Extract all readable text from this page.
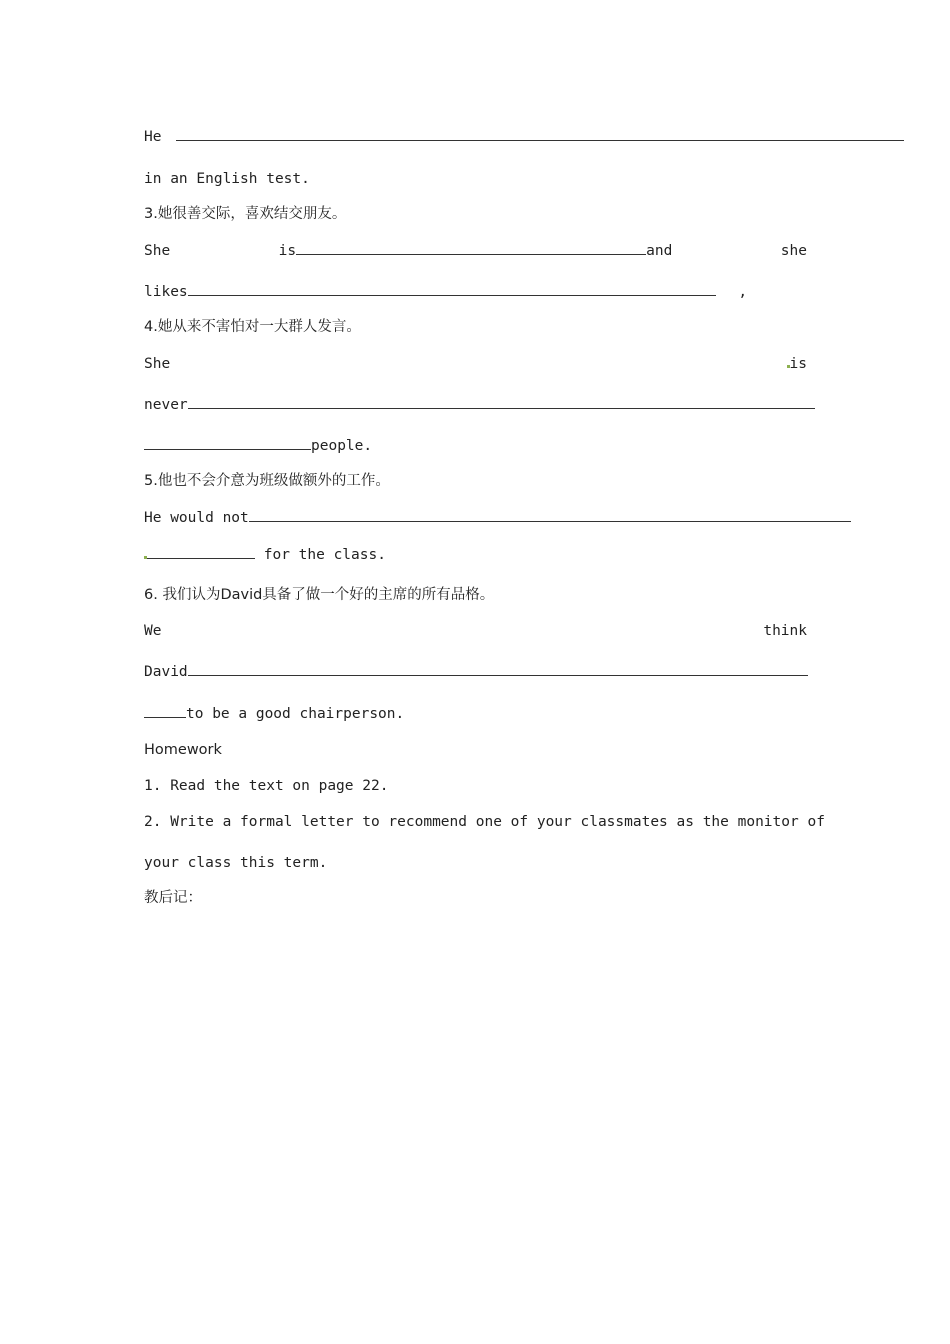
He
in an English test.
3.她很善交际，喜欢结交朋友。
She	is	and	she
likes	,
4.她从来不害怕对一大群人发言。
She	is
never
people.
5.他也不会介意为班级做额外的工作。
He would not
for the class.
6. 我们认为David具备了做一个好的主席的所有品格。
We	think
David
to be a good chairperson.
Homework
1. Read the text on page 22.
2. Write a formal letter to recommend one of your classmates as the monitor of
your class this term.
教后记：
